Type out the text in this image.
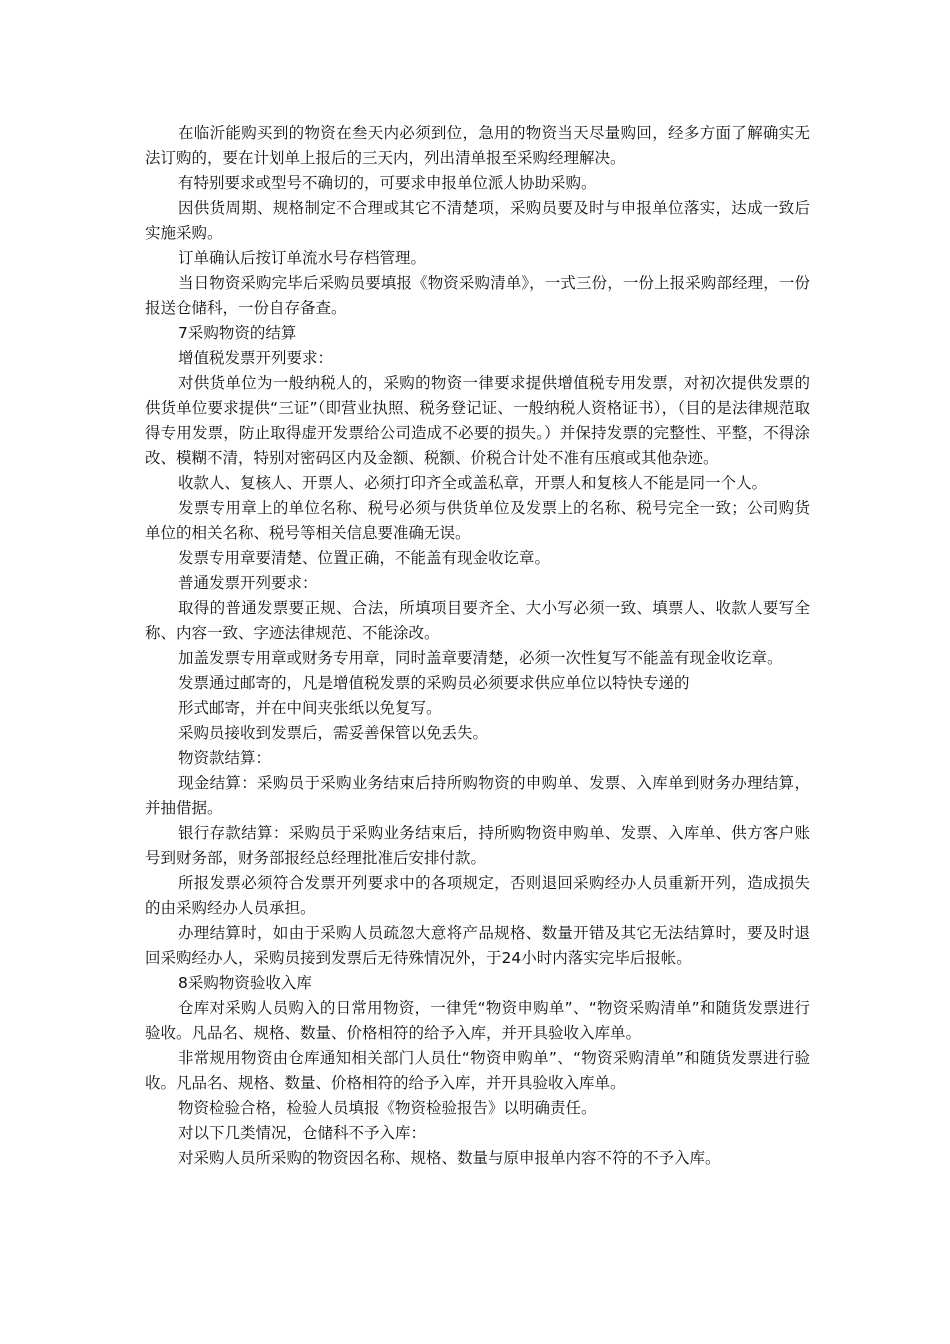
在临沂能购买到的物资在叁天内必须到位，急用的物资当天尽量购回，经多方面了解确实无法订购的，要在计划单上报后的三天内，列出清单报至采购经理解决。

有特别要求或型号不确切的，可要求申报单位派人协助采购。

因供货周期、规格制定不合理或其它不清楚项，采购员要及时与申报单位落实，达成一致后实施采购。

订单确认后按订单流水号存档管理。

当日物资采购完毕后采购员要填报《物资采购清单》，一式三份，一份上报采购部经理，一份报送仓储科，一份自存备查。

7采购物资的结算

增值税发票开列要求：

对供货单位为一般纳税人的，采购的物资一律要求提供增值税专用发票，对初次提供发票的供货单位要求提供“三证”（即营业执照、税务登记证、一般纳税人资格证书），（目的是法律规范取得专用发票，防止取得虚开发票给公司造成不必要的损失。）并保持发票的完整性、平整，不得涂改、模糊不清，特别对密码区内及金额、税额、价税合计处不准有压痕或其他杂迹。

收款人、复核人、开票人、必须打印齐全或盖私章，开票人和复核人不能是同一个人。

发票专用章上的单位名称、税号必须与供货单位及发票上的名称、税号完全一致；公司购货单位的相关名称、税号等相关信息要准确无误。

发票专用章要清楚、位置正确，不能盖有现金收讫章。

普通发票开列要求：

取得的普通发票要正规、合法，所填项目要齐全、大小写必须一致、填票人、收款人要写全称、内容一致、字迹法律规范、不能涂改。

加盖发票专用章或财务专用章，同时盖章要清楚，必须一次性复写不能盖有现金收讫章。

发票通过邮寄的，凡是增值税发票的采购员必须要求供应单位以特快专递的

形式邮寄，并在中间夹张纸以免复写。

采购员接收到发票后，需妥善保管以免丢失。

物资款结算：

现金结算：采购员于采购业务结束后持所购物资的申购单、发票、入库单到财务办理结算，并抽借据。

银行存款结算：采购员于采购业务结束后，持所购物资申购单、发票、入库单、供方客户账号到财务部，财务部报经总经理批准后安排付款。

所报发票必须符合发票开列要求中的各项规定，否则退回采购经办人员重新开列，造成损失的由采购经办人员承担。

办理结算时，如由于采购人员疏忽大意将产品规格、数量开错及其它无法结算时，要及时退回采购经办人，采购员接到发票后无待殊情况外，于24小时内落实完毕后报帐。

8采购物资验收入库

仓库对采购人员购入的日常用物资，一律凭“物资申购单”、“物资采购清单”和随货发票进行验收。凡品名、规格、数量、价格相符的给予入库，并开具验收入库单。

非常规用物资由仓库通知相关部门人员仕“物资申购单”、“物资采购清单”和随货发票进行验收。凡品名、规格、数量、价格相符的给予入库，并开具验收入库单。

物资检验合格，检验人员填报《物资检验报告》以明确责任。

对以下几类情况，仓储科不予入库：

对采购人员所采购的物资因名称、规格、数量与原申报单内容不符的不予入库。
